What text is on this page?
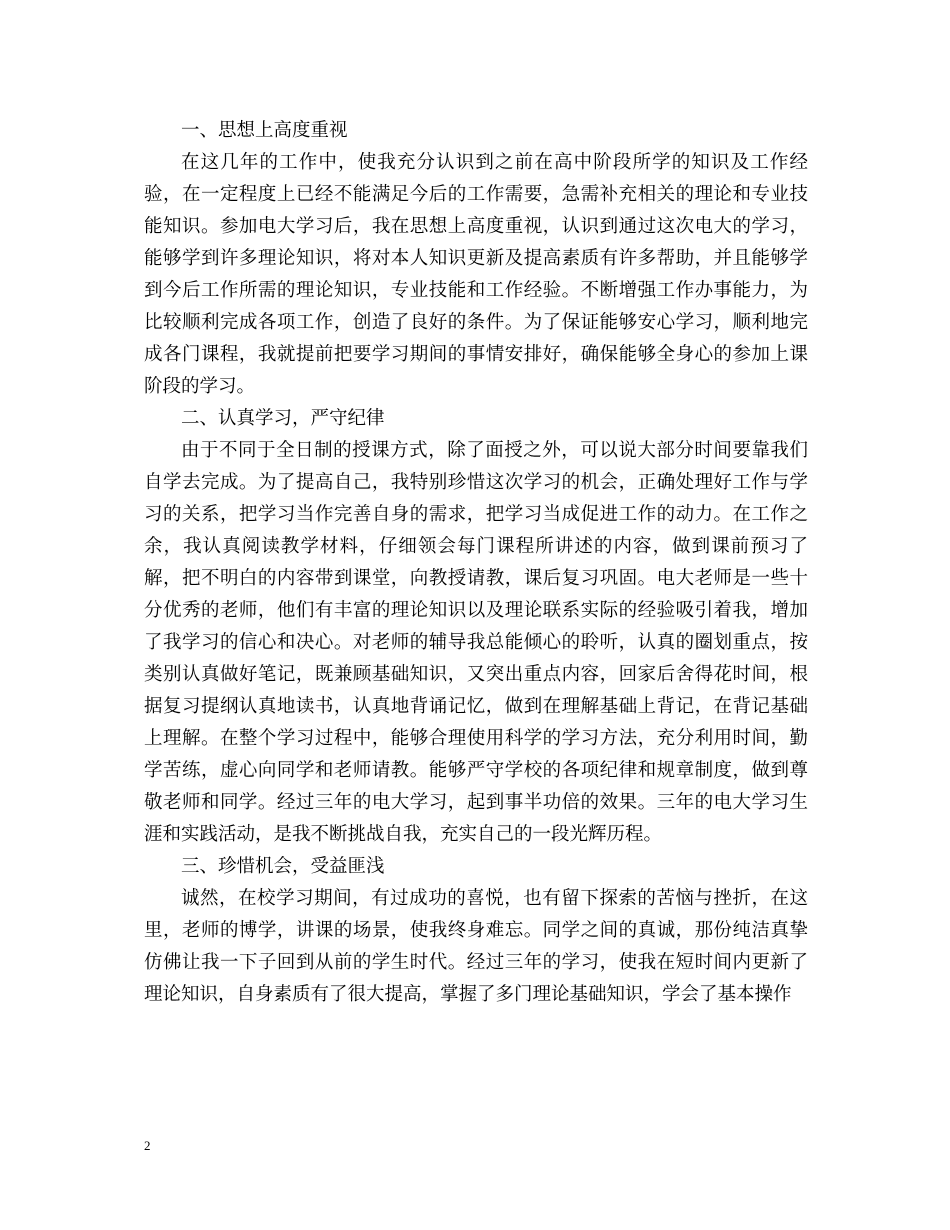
一、思想上高度重视

在这几年的工作中，使我充分认识到之前在高中阶段所学的知识及工作经验，在一定程度上已经不能满足今后的工作需要，急需补充相关的理论和专业技能知识。参加电大学习后，我在思想上高度重视，认识到通过这次电大的学习，能够学到许多理论知识，将对本人知识更新及提高素质有许多帮助，并且能够学到今后工作所需的理论知识，专业技能和工作经验。不断增强工作办事能力，为比较顺利完成各项工作，创造了良好的条件。为了保证能够安心学习，顺利地完成各门课程，我就提前把要学习期间的事情安排好，确保能够全身心的参加上课阶段的学习。

二、认真学习，严守纪律

由于不同于全日制的授课方式，除了面授之外，可以说大部分时间要靠我们自学去完成。为了提高自己，我特别珍惜这次学习的机会，正确处理好工作与学习的关系，把学习当作完善自身的需求，把学习当成促进工作的动力。在工作之余，我认真阅读教学材料，仔细领会每门课程所讲述的内容，做到课前预习了解，把不明白的内容带到课堂，向教授请教，课后复习巩固。电大老师是一些十分优秀的老师，他们有丰富的理论知识以及理论联系实际的经验吸引着我，增加了我学习的信心和决心。对老师的辅导我总能倾心的聆听，认真的圈划重点，按类别认真做好笔记，既兼顾基础知识，又突出重点内容，回家后舍得花时间，根据复习提纲认真地读书，认真地背诵记忆，做到在理解基础上背记，在背记基础上理解。在整个学习过程中，能够合理使用科学的学习方法，充分利用时间，勤学苦练，虚心向同学和老师请教。能够严守学校的各项纪律和规章制度，做到尊敬老师和同学。经过三年的电大学习，起到事半功倍的效果。三年的电大学习生涯和实践活动，是我不断挑战自我，充实自己的一段光辉历程。

三、珍惜机会，受益匪浅

诚然，在校学习期间，有过成功的喜悦，也有留下探索的苦恼与挫折，在这里，老师的博学，讲课的场景，使我终身难忘。同学之间的真诚，那份纯洁真挚仿佛让我一下子回到从前的学生时代。经过三年的学习，使我在短时间内更新了理论知识，自身素质有了很大提高，掌握了多门理论基础知识，学会了基本操作

2
